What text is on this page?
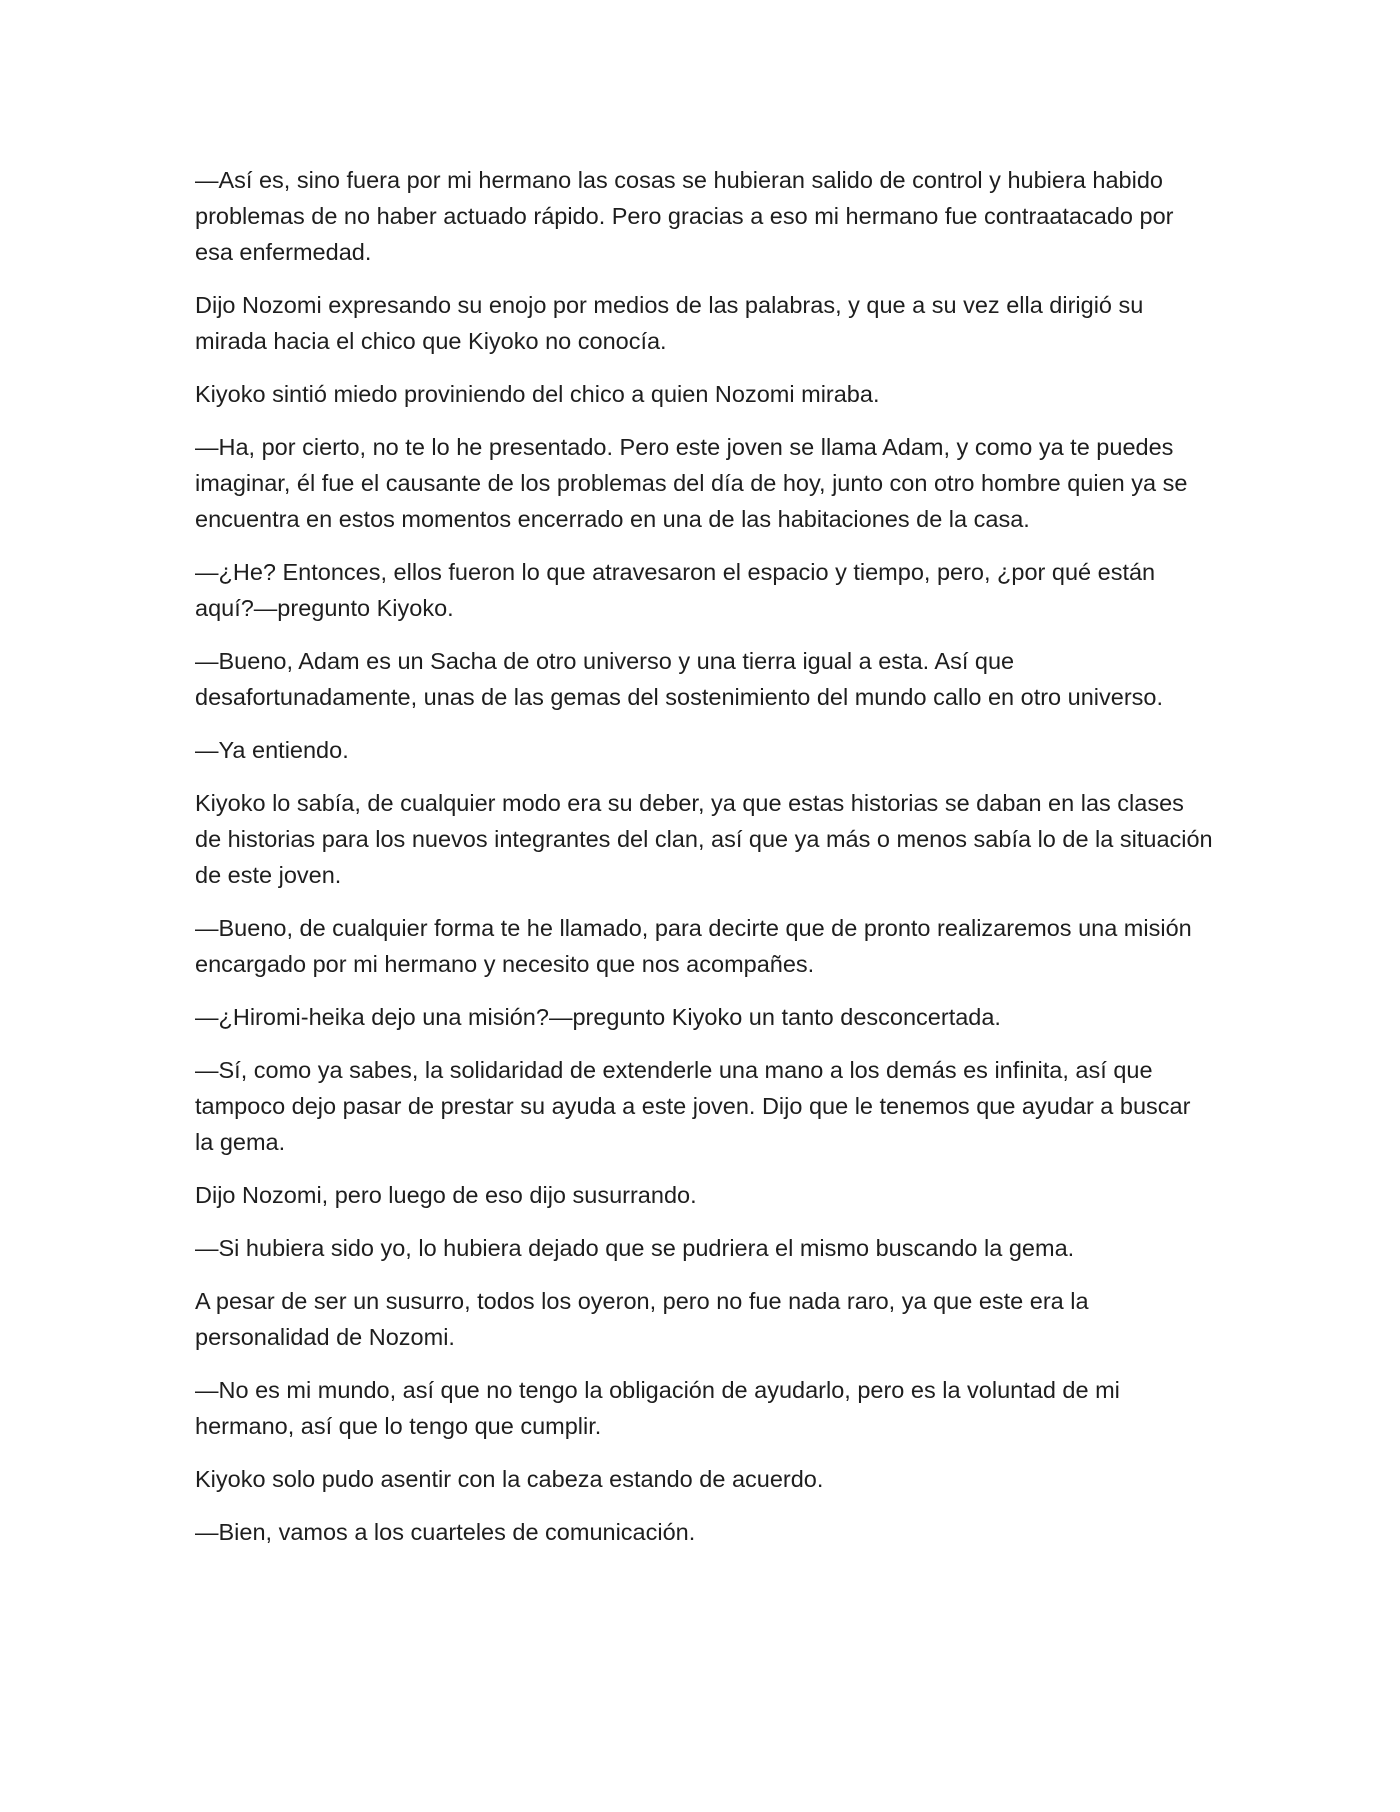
—Así es, sino fuera por mi hermano las cosas se hubieran salido de control y hubiera habido problemas de no haber actuado rápido. Pero gracias a eso mi hermano fue contraatacado por esa enfermedad.

Dijo Nozomi expresando su enojo por medios de las palabras, y que a su vez ella dirigió su mirada hacia el chico que Kiyoko no conocía.

Kiyoko sintió miedo proviniendo del chico a quien Nozomi miraba.

—Ha, por cierto, no te lo he presentado. Pero este joven se llama Adam, y como ya te puedes imaginar, él fue el causante de los problemas del día de hoy, junto con otro hombre quien ya se encuentra en estos momentos encerrado en una de las habitaciones de la casa.

—¿He? Entonces, ellos fueron lo que atravesaron el espacio y tiempo, pero, ¿por qué están aquí?—pregunto Kiyoko.

—Bueno, Adam es un Sacha de otro universo y una tierra igual a esta. Así que desafortunadamente, unas de las gemas del sostenimiento del mundo callo en otro universo.

—Ya entiendo.

Kiyoko lo sabía, de cualquier modo era su deber, ya que estas historias se daban en las clases de historias para los nuevos integrantes del clan, así que ya más o menos sabía lo de la situación de este joven.

—Bueno, de cualquier forma te he llamado, para decirte que de pronto realizaremos una misión encargado por mi hermano y necesito que nos acompañes.

—¿Hiromi-heika dejo una misión?—pregunto Kiyoko un tanto desconcertada.

—Sí, como ya sabes, la solidaridad de extenderle una mano a los demás es infinita, así que tampoco dejo pasar de prestar su ayuda a este joven. Dijo que le tenemos que ayudar a buscar la gema.

Dijo Nozomi, pero luego de eso dijo susurrando.

—Si hubiera sido yo, lo hubiera dejado que se pudriera el mismo buscando la gema.

A pesar de ser un susurro, todos los oyeron, pero no fue nada raro, ya que este era la personalidad de Nozomi.

—No es mi mundo, así que no tengo la obligación de ayudarlo, pero es la voluntad de mi hermano, así que lo tengo que cumplir.

Kiyoko solo pudo asentir con la cabeza estando de acuerdo.

—Bien, vamos a los cuarteles de comunicación.
